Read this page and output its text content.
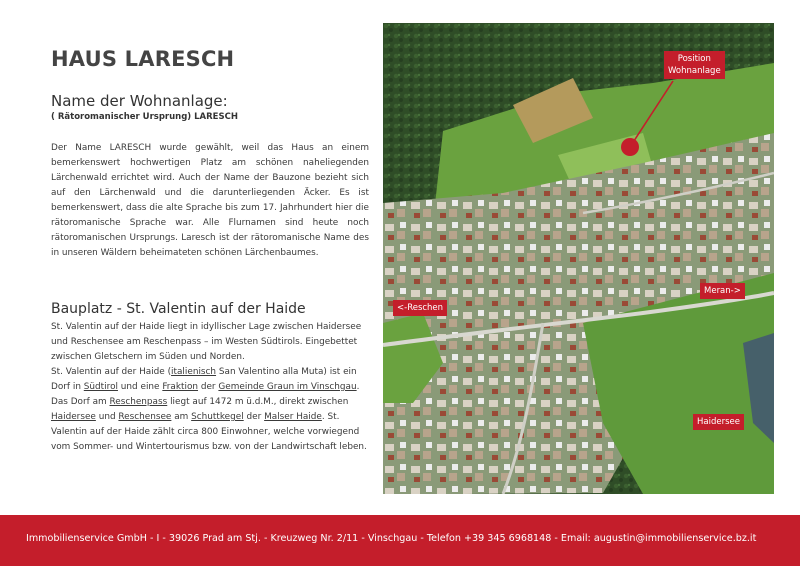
HAUS LARESCH
Name der Wohnanlage:
( Rätoromanischer Ursprung) LARESCH

Der Name LARESCH wurde gewählt, weil das Haus an einem bemerkenswert hochwertigen Platz am schönen naheliegenden Lärchenwald errichtet wird. Auch der Name der Bauzone bezieht sich auf den Lärchenwald und die darunterliegenden Äcker. Es ist bemerkenswert, dass die alte Sprache bis zum 17. Jahrhundert hier die rätoromanische Sprache war. Alle Flurnamen sind heute noch rätoromanischen Ursprungs. Laresch ist der rätoromanische Name des in unseren Wäldern beheimateten schönen Lärchenbaumes.

Bauplatz - St. Valentin auf der Haide
St. Valentin auf der Haide liegt in idyllischer Lage zwischen Haidersee und Reschensee am Reschenpass – im Westen Südtirols. Eingebettet zwischen Gletschern im Süden und Norden.
St. Valentin auf der Haide (italienisch San Valentino alla Muta) ist ein Dorf in Südtirol und eine Fraktion der Gemeinde Graun im Vinschgau.
Das Dorf am Reschenpass liegt auf 1472 m ü.d.M., direkt zwischen Haidersee und Reschensee am Schuttkegel der Malser Haide. St. Valentin auf der Haide zählt circa 800 Einwohner, welche vorwiegend vom Sommer- und Wintertourismus bzw. von der Landwirtschaft leben.
Position
Wohnanlage
<-Reschen
Meran->
Haidersee
Immobilienservice GmbH - I - 39026 Prad am Stj. - Kreuzweg Nr. 2/11 - Vinschgau - Telefon +39 345 6968148 - Email: augustin@immobilienservice.bz.it
